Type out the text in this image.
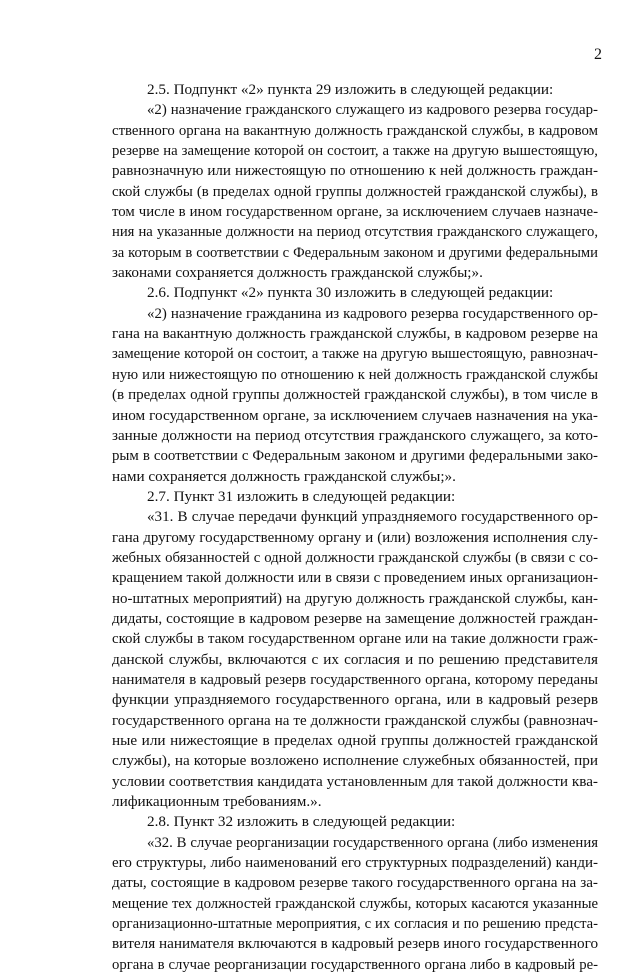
2
2.5. Подпункт «2» пункта 29 изложить в следующей редакции:
«2) назначение гражданского служащего из кадрового резерва государ-
ственного органа на вакантную должность гражданской службы, в кадровом
резерве на замещение которой он состоит, а также на другую вышестоящую,
равнозначную или нижестоящую по отношению к ней должность граждан-
ской службы (в пределах одной группы должностей гражданской службы), в
том числе в ином государственном органе, за исключением случаев назначе-
ния на указанные должности на период отсутствия гражданского служащего,
за которым в соответствии с Федеральным законом и другими федеральными
законами сохраняется должность гражданской службы;».
2.6. Подпункт «2» пункта 30 изложить в следующей редакции:
«2) назначение гражданина из кадрового резерва государственного ор-
гана на вакантную должность гражданской службы, в кадровом резерве на
замещение которой он состоит, а также на другую вышестоящую, равнознач-
ную или нижестоящую по отношению к ней должность гражданской службы
(в пределах одной группы должностей гражданской службы), в том числе в
ином государственном органе, за исключением случаев назначения на ука-
занные должности на период отсутствия гражданского служащего, за кото-
рым в соответствии с Федеральным законом и другими федеральными зако-
нами сохраняется должность гражданской службы;».
2.7. Пункт 31 изложить в следующей редакции:
«31. В случае передачи функций упраздняемого государственного ор-
гана другому государственному органу и (или) возложения исполнения слу-
жебных обязанностей с одной должности гражданской службы (в связи с со-
кращением такой должности или в связи с проведением иных организацион-
но-штатных мероприятий) на другую должность гражданской службы, кан-
дидаты, состоящие в кадровом резерве на замещение должностей граждан-
ской службы в таком государственном органе или на такие должности граж-
данской службы, включаются с их согласия и по решению представителя
нанимателя в кадровый резерв государственного органа, которому переданы
функции упраздняемого государственного органа, или в кадровый резерв
государственного органа на те должности гражданской службы (равнознач-
ные или нижестоящие в пределах одной группы должностей гражданской
службы), на которые возложено исполнение служебных обязанностей, при
условии соответствия кандидата установленным для такой должности ква-
лификационным требованиям.».
2.8. Пункт 32 изложить в следующей редакции:
«32. В случае реорганизации государственного органа (либо изменения
его структуры, либо наименований его структурных подразделений) канди-
даты, состоящие в кадровом резерве такого государственного органа на за-
мещение тех должностей гражданской службы, которых касаются указанные
организационно-штатные мероприятия, с их согласия и по решению предста-
вителя нанимателя включаются в кадровый резерв иного государственного
органа в случае реорганизации государственного органа либо в кадровый ре-
